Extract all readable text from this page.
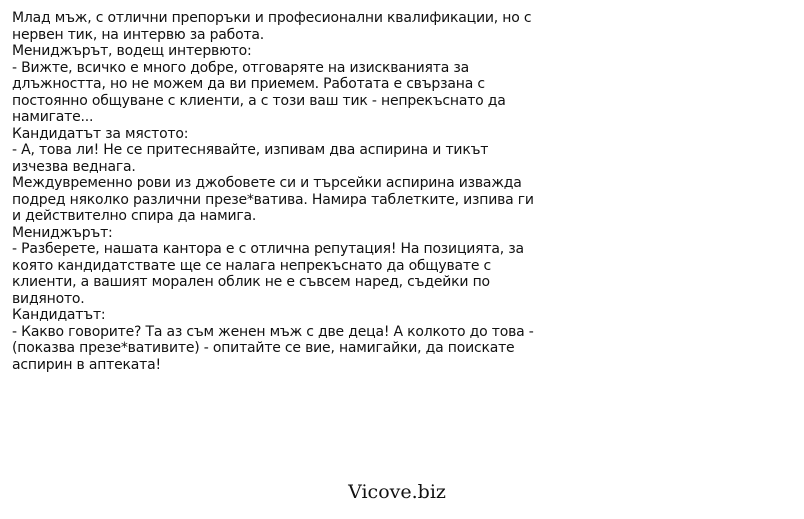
Млад мъж, с отлични препоръки и професионални квалификации, но с
нервен тик, на интервю за работа.
Мениджърът, водещ интервюто:
- Вижте, всичко е много добре, отговаряте на изискванията за
длъжността, но не можем да ви приемем. Работата е свързана с
постоянно общуване с клиенти, а с този ваш тик - непрекъснато да
намигате...
Кандидатът за мястото:
- А, това ли! Не се притеснявайте, изпивам два аспирина и тикът
изчезва веднага.
Междувременно рови из джобовете си и търсейки аспирина изважда
подред няколко различни презе*ватива. Намира таблетките, изпива ги
и действително спира да намига.
Мениджърът:
- Разберете, нашата кантора е с отлична репутация! На позицията, за
която кандидатствате ще се налага непрекъснато да общувате с
клиенти, а вашият морален облик не е съвсем наред, съдейки по
видяното.
Кандидатът:
- Какво говорите? Та аз съм женен мъж с две деца! А колкото до това -
(показва презе*вативите) - опитайте се вие, намигайки, да поискате
аспирин в аптеката!
Vicove.biz
